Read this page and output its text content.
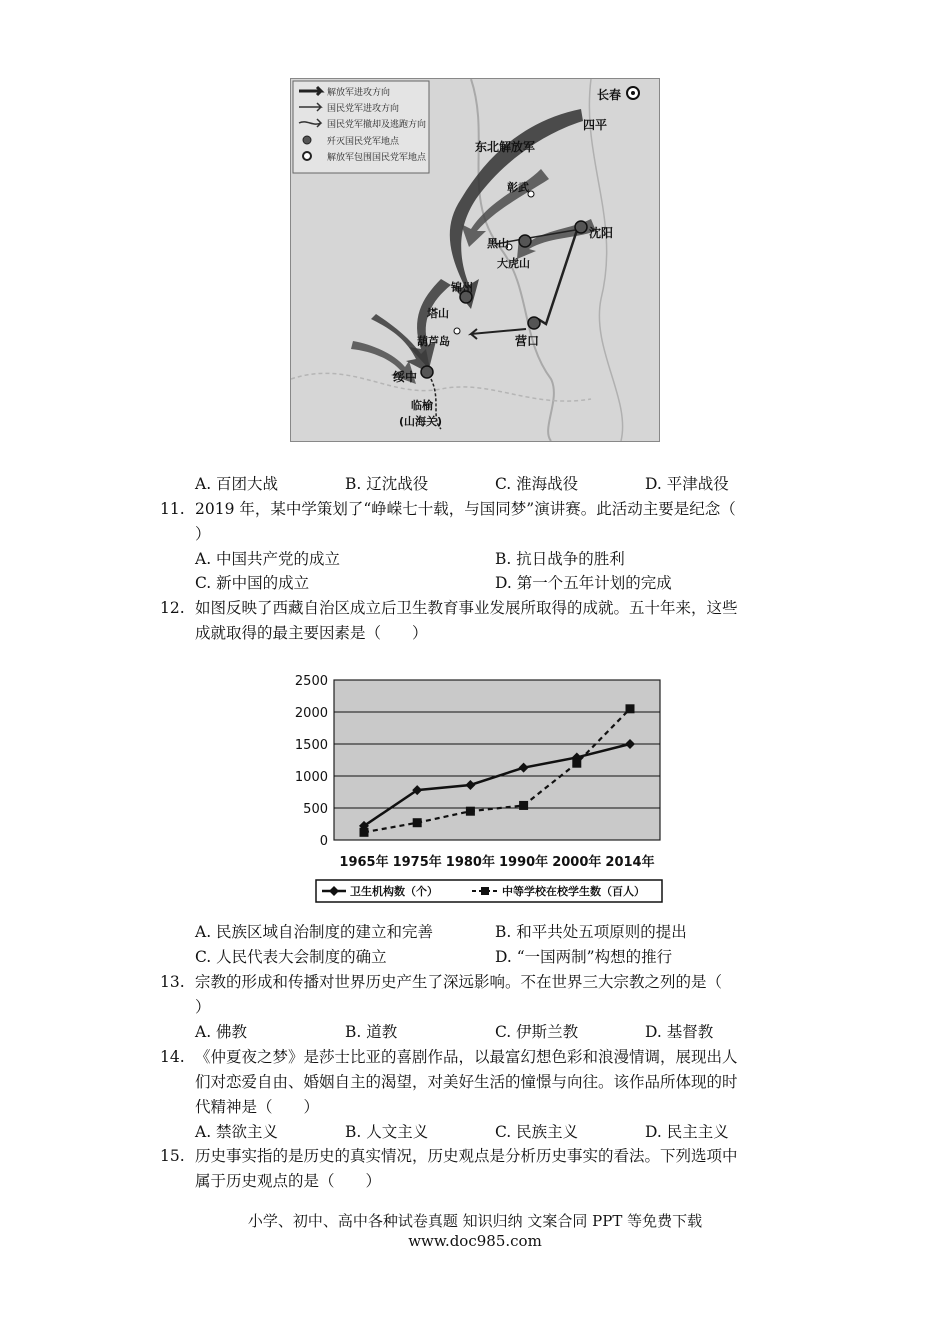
解放军进攻方向
国民党军进攻方向
国民党军撤却及逃跑方向
歼灭国民党军地点
解放军包围国民党军地点
长春
四平
东北解放军
彰武
沈阳
黑山
大虎山
锦州
塔山
葫芦岛	营口
绥中
临榆
(山海关)
A. 百团大战	B. 辽沈战役	C. 淮海战役	D. 平津战役
11. 2019 年，某中学策划了“峥嵘七十载，与国同梦”演讲赛。此活动主要是纪念（
）
A. 中国共产党的成立	B. 抗日战争的胜利
C. 新中国的成立	D. 第一个五年计划的完成
12. 如图反映了西藏自治区成立后卫生教育事业发展所取得的成就。五十年来，这些
成就取得的最主要因素是（　　）
0
500
1000
1500
2000
2500
1965年 1975年 1980年 1990年 2000年 2014年
卫生机构数（个）	中等学校在校学生数（百人）
A. 民族区域自治制度的建立和完善	B. 和平共处五项原则的提出
C. 人民代表大会制度的确立	D. “一国两制”构想的推行
13. 宗教的形成和传播对世界历史产生了深远影响。不在世界三大宗教之列的是（
）
A. 佛教	B. 道教	C. 伊斯兰教	D. 基督教
14. 《仲夏夜之梦》是莎士比亚的喜剧作品，以最富幻想色彩和浪漫情调，展现出人
们对恋爱自由、婚姻自主的渴望，对美好生活的憧憬与向往。该作品所体现的时
代精神是（　　）
A. 禁欲主义	B. 人文主义	C. 民族主义	D. 民主主义
15. 历史事实指的是历史的真实情况，历史观点是分析历史事实的看法。下列选项中
属于历史观点的是（　　）
小学、初中、高中各种试卷真题 知识归纳 文案合同 PPT 等免费下载
www.doc985.com
